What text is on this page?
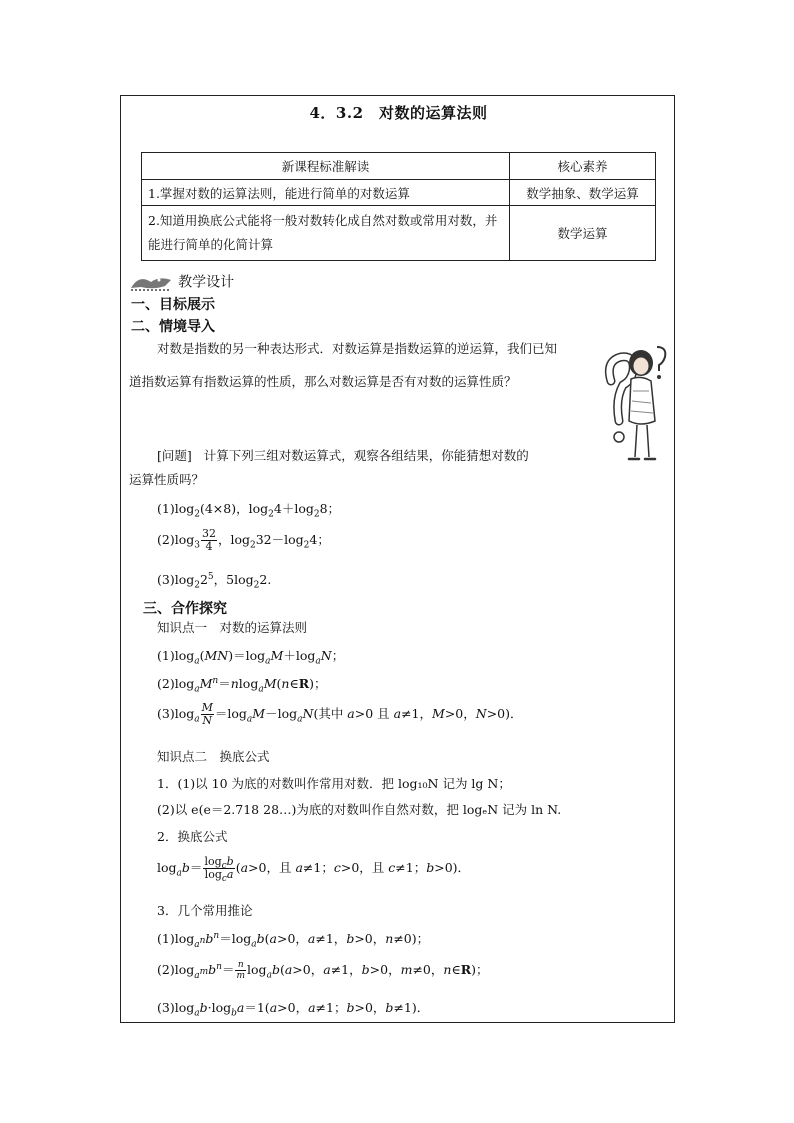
4．3.2　对数的运算法则
新课程标准解读	核心素养
1.掌握对数的运算法则，能进行简单的对数运算	数学抽象、数学运算
2.知道用换底公式能将一般对数转化成自然对数或常用对数，并能进行简单的化简计算	数学运算
教学设计
一、目标展示
二、情境导入
对数是指数的另一种表达形式．对数运算是指数运算的逆运算，我们已知道指数运算有指数运算的性质，那么对数运算是否有对数的运算性质？
[问题] 计算下列三组对数运算式，观察各组结果，你能猜想对数的
运算性质吗？
$(1)\log_2(4\times 8)$，$\log_24+\log_28$；
$(2)\log_3 \frac{32}{4}$ ，$\log_232-\log_24$；
$(3)\log_22^5$，$5\log_22$.
三、合作探究
知识点一　对数的运算法则
$(1)\log_a(MN)=\log_aM+\log_aN$；
$(2)\log_aM^n=nlog_aM(n\in R)$；
$(3)\log_a \frac{M}{N} =\log_aM-\log_aN$(其中 a>0 且 a≠1，M>0，N>0)．
知识点二　换底公式
1．(1)以 10 为底的对数叫作常用对数．把 log₁₀N 记为 lg N；
(2)以 e(e＝2.718 28…)为底的对数叫作自然对数，把 logₑN 记为 ln N.
2．换底公式
$\log_ab= \frac{\log_cb}{\log_ca} (a>0$，且 a≠1；c>0，且 c≠1；b>0)．
3．几个常用推论
$(1)\log_{a^n}b^n=\log_ab(a>0$，a≠1，b>0，n≠0)；
$(2)\log_{a^m}b^n= \frac{n}{m} \log_ab(a>0$，a≠1，b>0，m≠0，n∈R)；
$(3)\log_ab\cdot\log_ba=1(a>0$，a≠1；b>0，b≠1)．
